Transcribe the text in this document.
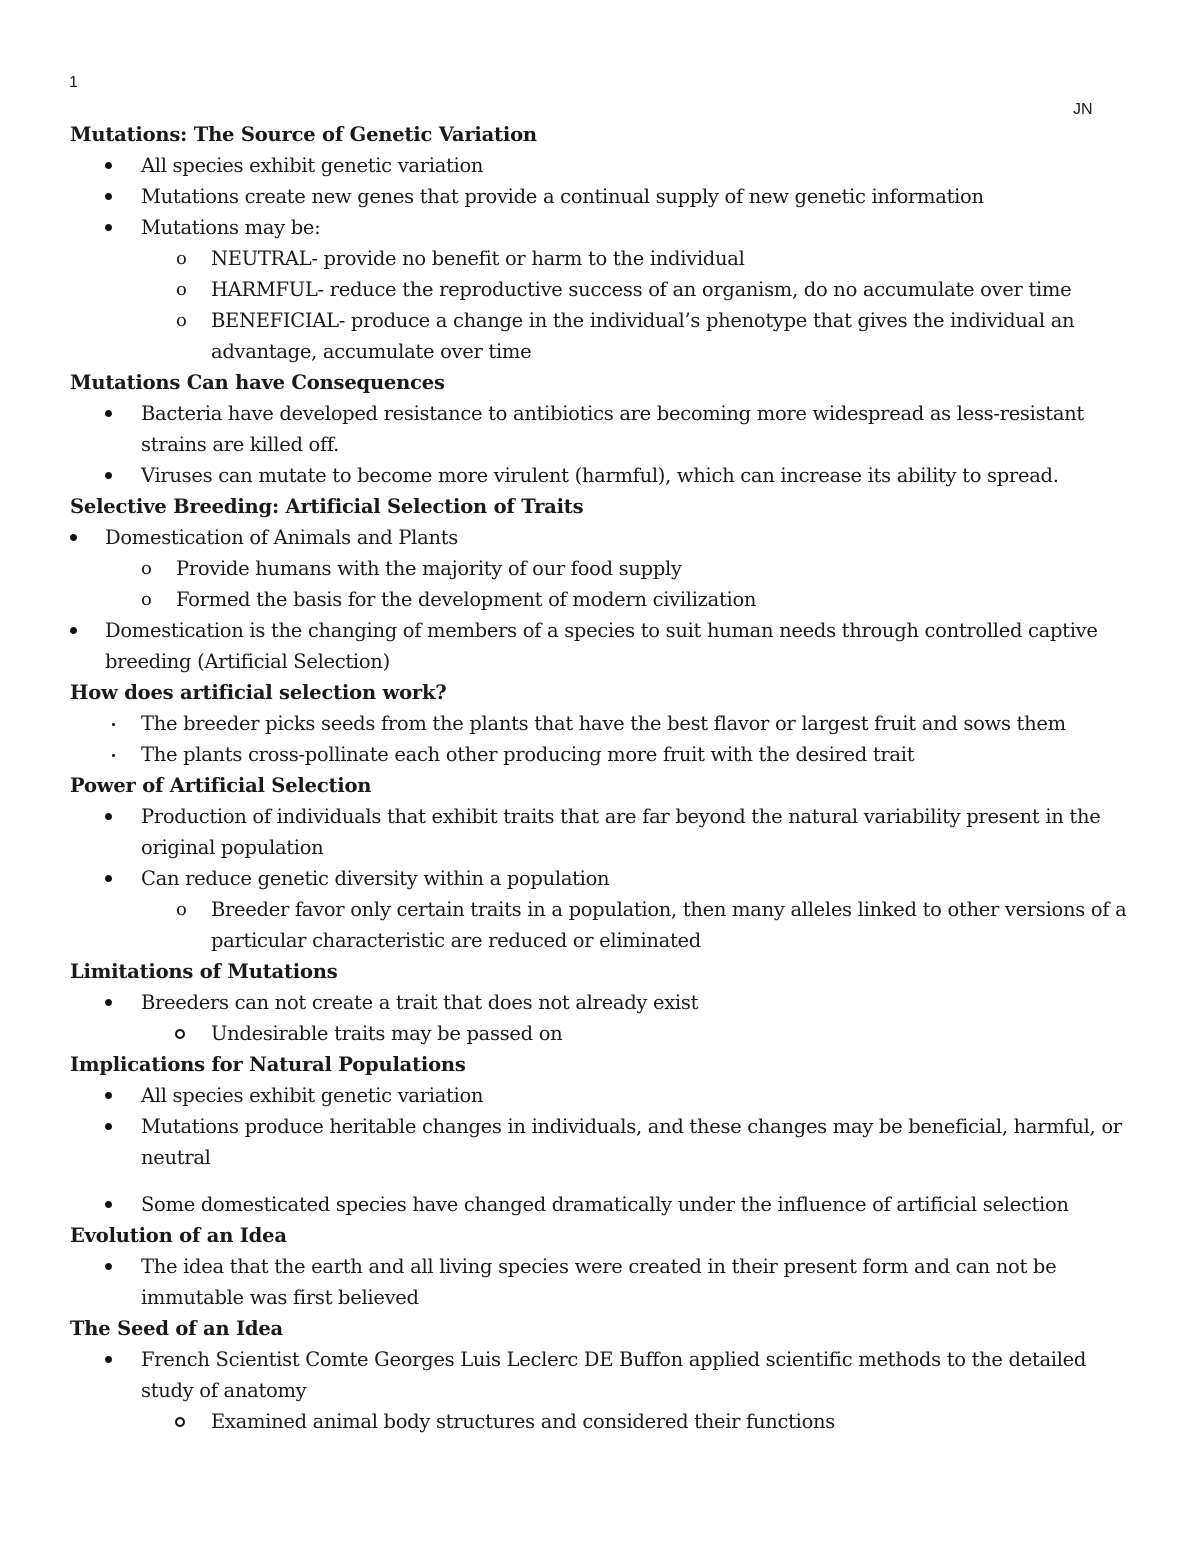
1
JN
Mutations: The Source of Genetic Variation
All species exhibit genetic variation
Mutations create new genes that provide a continual supply of new genetic information
Mutations may be:
o NEUTRAL- provide no benefit or harm to the individual
o HARMFUL- reduce the reproductive success of an organism, do no accumulate over time
o BENEFICIAL- produce a change in the individual’s phenotype that gives the individual an advantage, accumulate over time
Mutations Can have Consequences
Bacteria have developed resistance to antibiotics are becoming more widespread as less-resistant strains are killed off.
Viruses can mutate to become more virulent (harmful), which can increase its ability to spread.
Selective Breeding: Artificial Selection of Traits
Domestication of Animals and Plants
o Provide humans with the majority of our food supply
o Formed the basis for the development of modern civilization
Domestication is the changing of members of a species to suit human needs through controlled captive breeding (Artificial Selection)
How does artificial selection work?
The breeder picks seeds from the plants that have the best flavor or largest fruit and sows them
The plants cross-pollinate each other producing more fruit with the desired trait
Power of Artificial Selection
Production of individuals that exhibit traits that are far beyond the natural variability present in the original population
Can reduce genetic diversity within a population
o Breeder favor only certain traits in a population, then many alleles linked to other versions of a particular characteristic are reduced or eliminated
Limitations of Mutations
Breeders can not create a trait that does not already exist
Undesirable traits may be passed on
Implications for Natural Populations
All species exhibit genetic variation
Mutations produce heritable changes in individuals, and these changes may be beneficial, harmful, or neutral
Some domesticated species have changed dramatically under the influence of artificial selection
Evolution of an Idea
The idea that the earth and all living species were created in their present form and can not be immutable was first believed
The Seed of an Idea
French Scientist Comte Georges Luis Leclerc DE Buffon applied scientific methods to the detailed study of anatomy
Examined animal body structures and considered their functions
